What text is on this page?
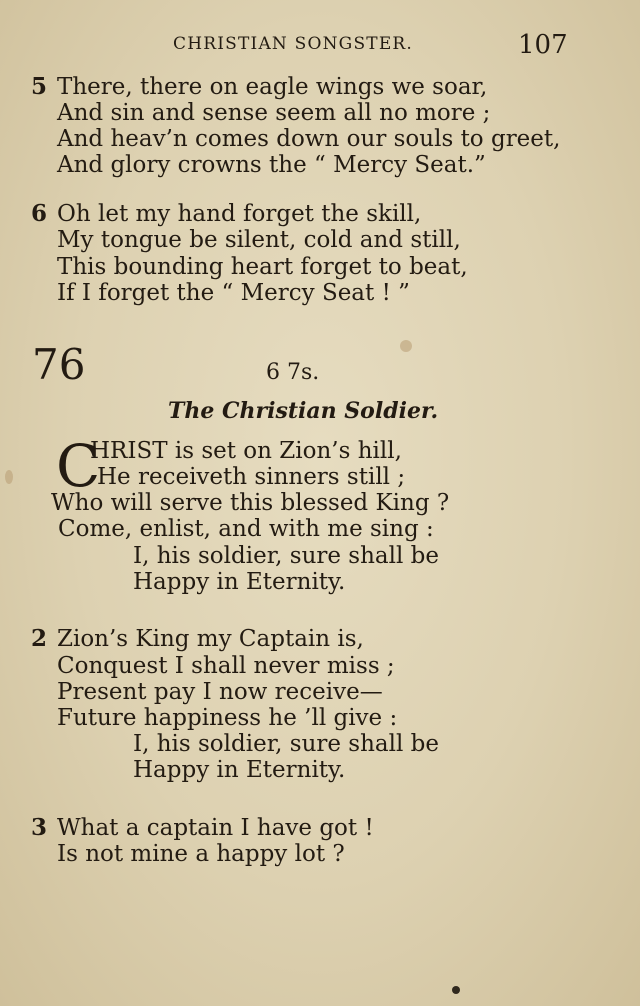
CHRISTIAN SONGSTER.	107
5 There, there on eagle wings we soar,
And sin and sense seem all no more ;
And heav’n comes down our souls to greet,
And glory crowns the “ Mercy Seat.”
6 Oh let my hand forget the skill,
My tongue be silent, cold and still,
This bounding heart forget to beat,
If I forget the “ Mercy Seat ! ”
76	6 7s.
The Christian Soldier.
C
HRIST is set on Zion’s hill,
He receiveth sinners still ;
Who will serve this blessed King ?
Come, enlist, and with me sing :
I, his soldier, sure shall be
Happy in Eternity.
2 Zion’s King my Captain is,
Conquest I shall never miss ;
Present pay I now receive—
Future happiness he ’ll give :
I, his soldier, sure shall be
Happy in Eternity.
3 What a captain I have got !
Is not mine a happy lot ?
